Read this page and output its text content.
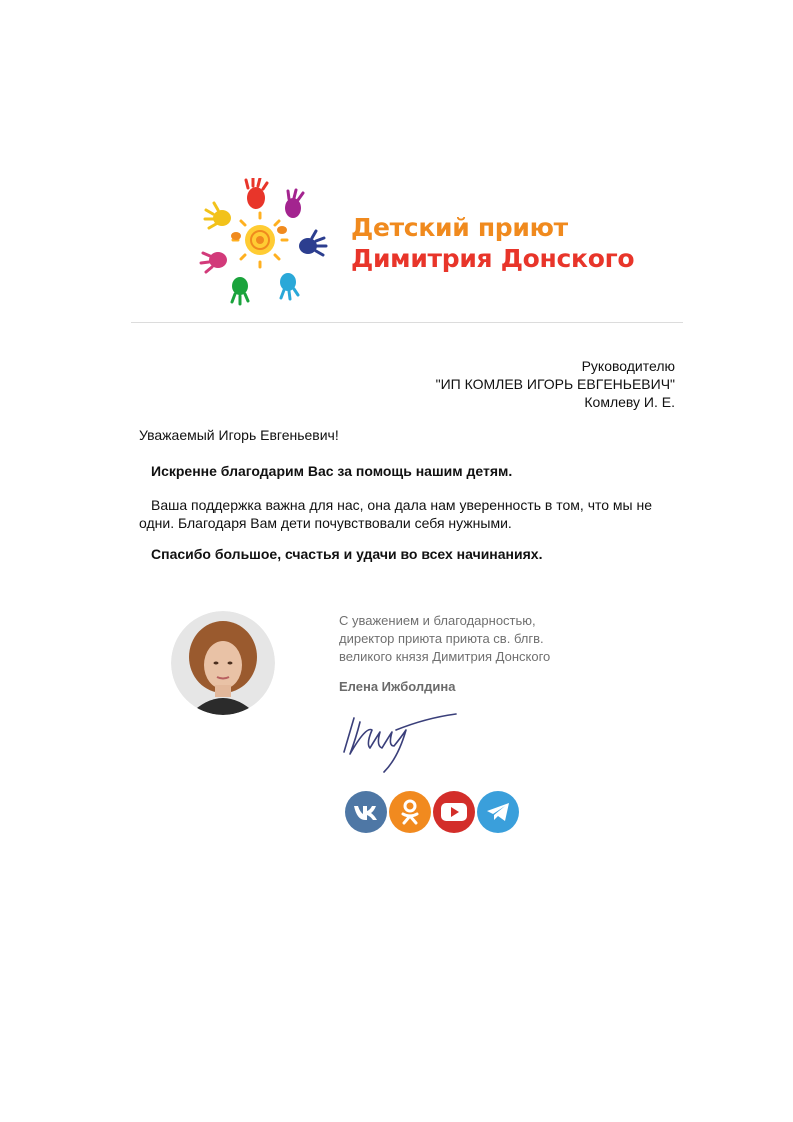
Детский приют
Димитрия Донского
Руководителю
"ИП КОМЛЕВ ИГОРЬ ЕВГЕНЬЕВИЧ"
Комлеву И. Е.
Уважаемый Игорь Евгеньевич!
Искренне благодарим Вас за помощь нашим детям.
Ваша поддержка важна для нас, она дала нам уверенность в том, что мы не одни. Благодаря Вам дети почувствовали себя нужными.
Спасибо большое, счастья и удачи во всех начинаниях.
С уважением и благодарностью,
директор приюта приюта св. блгв.
великого князя Димитрия Донского
Елена Ижболдина
